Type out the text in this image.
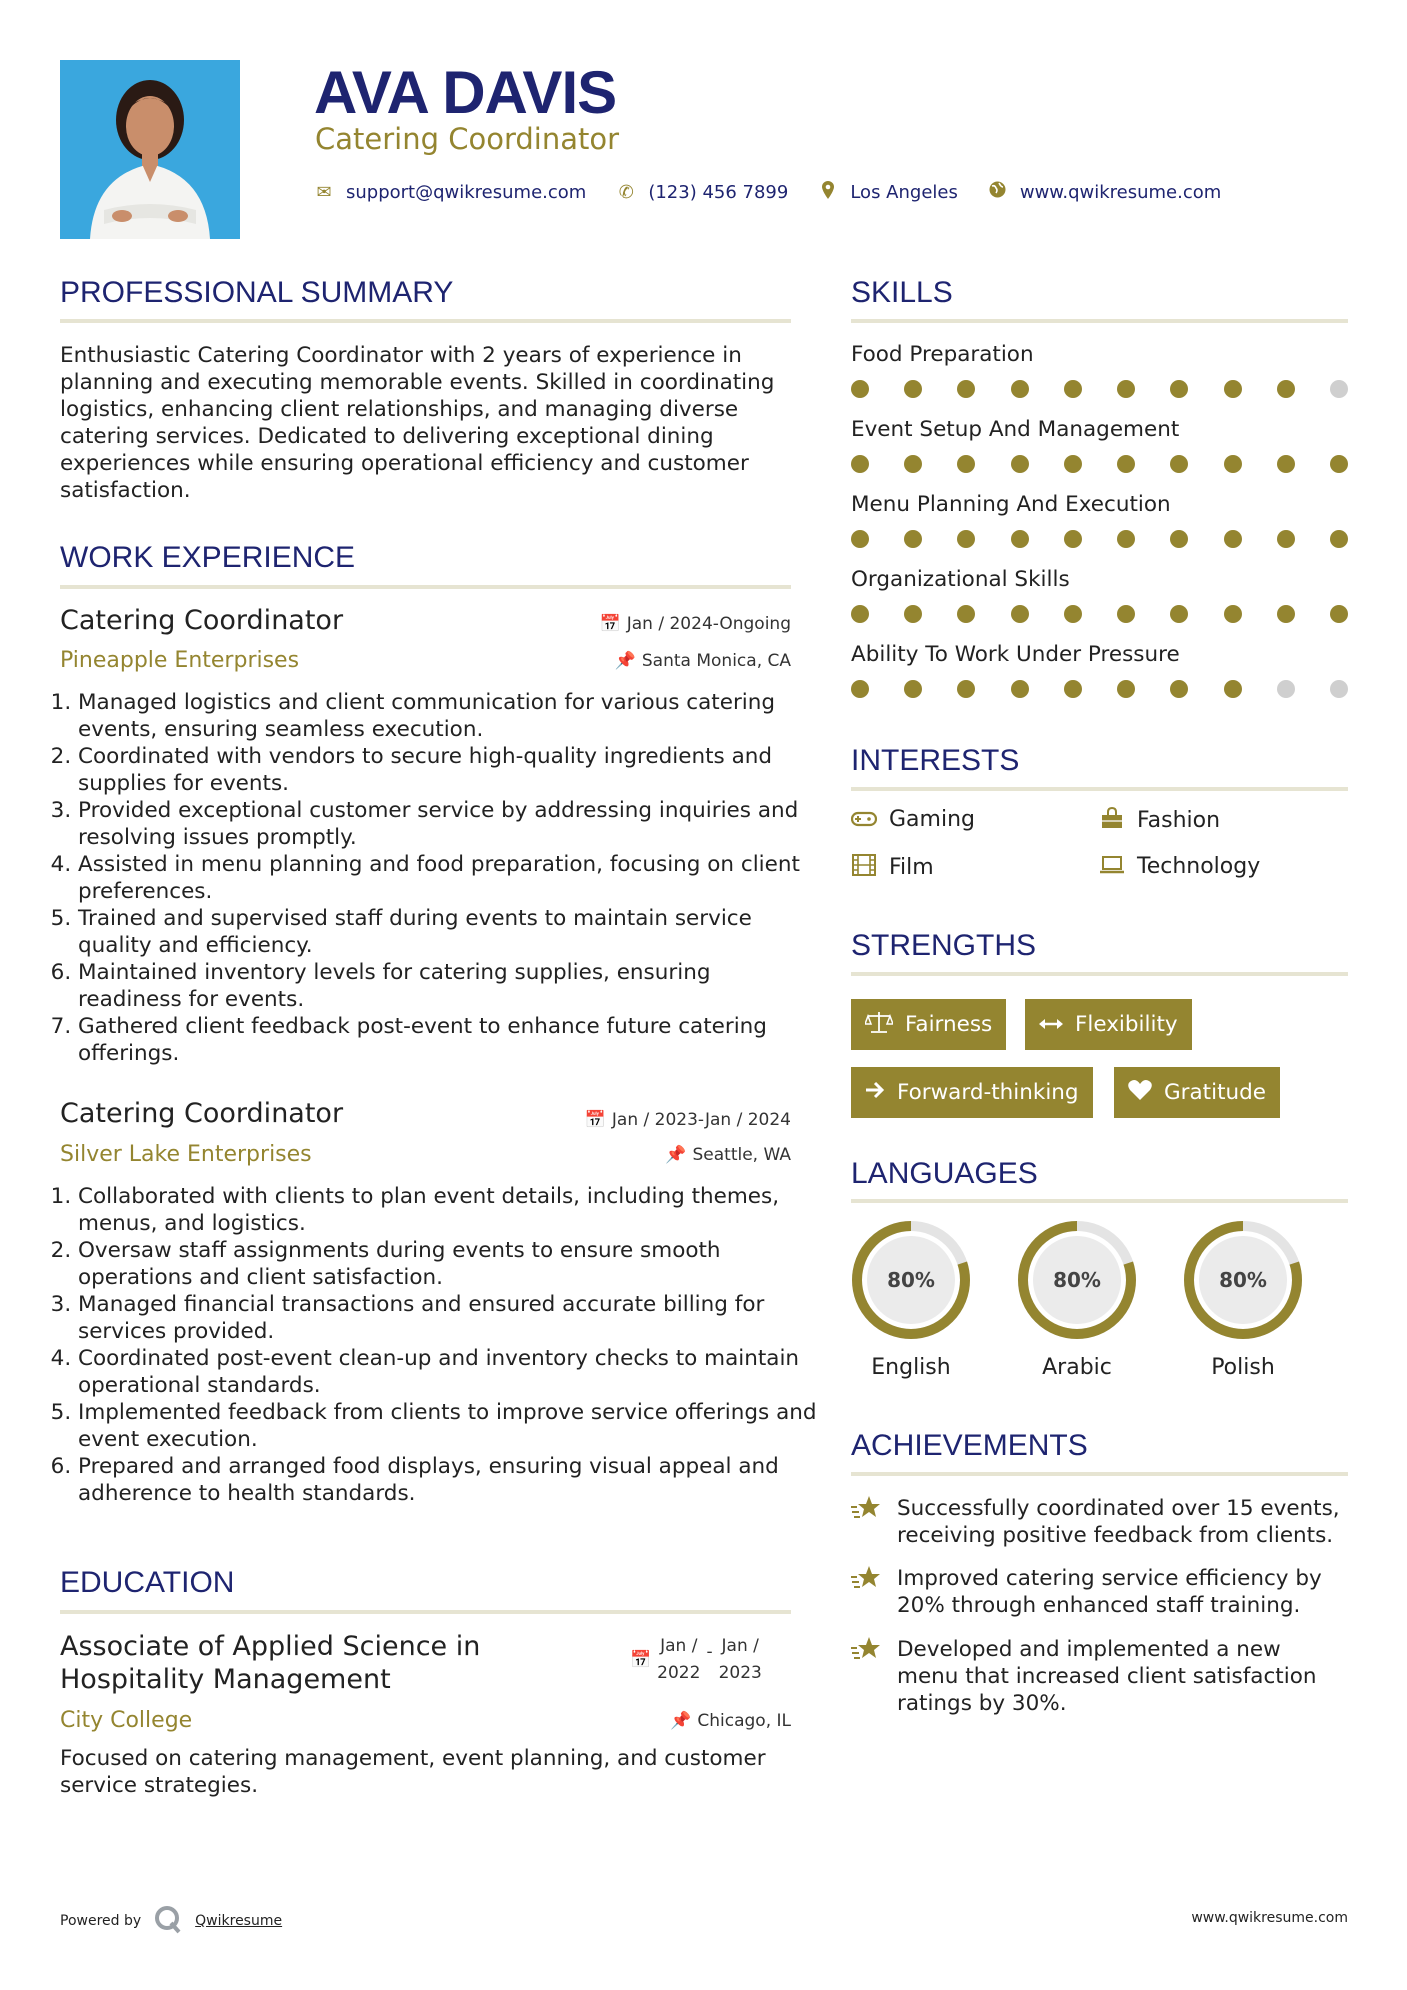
AVA DAVIS
Catering Coordinator
✉ support@qwikresume.com ✆ (123) 456 7899	Los Angeles	www.qwikresume.com
PROFESSIONAL SUMMARY
Enthusiastic Catering Coordinator with 2 years of experience in planning and executing memorable events. Skilled in coordinating logistics, enhancing client relationships, and managing diverse catering services. Dedicated to delivering exceptional dining experiences while ensuring operational efficiency and customer satisfaction.
WORK EXPERIENCE
Catering Coordinator	📅 Jan / 2024-Ongoing
Pineapple Enterprises	📌 Santa Monica, CA
1. Managed logistics and client communication for various catering events, ensuring seamless execution.
2. Coordinated with vendors to secure high-quality ingredients and supplies for events.
3. Provided exceptional customer service by addressing inquiries and resolving issues promptly.
4. Assisted in menu planning and food preparation, focusing on client preferences.
5. Trained and supervised staff during events to maintain service quality and efficiency.
6. Maintained inventory levels for catering supplies, ensuring readiness for events.
7. Gathered client feedback post-event to enhance future catering offerings.
Catering Coordinator	📅 Jan / 2023-Jan / 2024
Silver Lake Enterprises	📌 Seattle, WA
1. Collaborated with clients to plan event details, including themes, menus, and logistics.
2. Oversaw staff assignments during events to ensure smooth operations and client satisfaction.
3. Managed financial transactions and ensured accurate billing for services provided.
4. Coordinated post-event clean-up and inventory checks to maintain operational standards.
5. Implemented feedback from clients to improve service offerings and event execution.
6. Prepared and arranged food displays, ensuring visual appeal and adherence to health standards.
EDUCATION
Associate of Applied Science in
Hospitality Management
📅
Jan /
2022
- Jan /
2023
City College	📌 Chicago, IL
Focused on catering management, event planning, and customer service strategies.
SKILLS
Food Preparation
Event Setup And Management
Menu Planning And Execution
Organizational Skills
Ability To Work Under Pressure
INTERESTS
Gaming	Fashion
Film	Technology
STRENGTHS
Fairness	Flexibility
Forward-thinking	Gratitude
LANGUAGES
80%
English
80%
Arabic
80%
Polish
ACHIEVEMENTS
Successfully coordinated over 15 events, receiving positive feedback from clients.
Improved catering service efficiency by 20% through enhanced staff training.
Developed and implemented a new menu that increased client satisfaction ratings by 30%.
Powered by	Qwikresume	www.qwikresume.com
